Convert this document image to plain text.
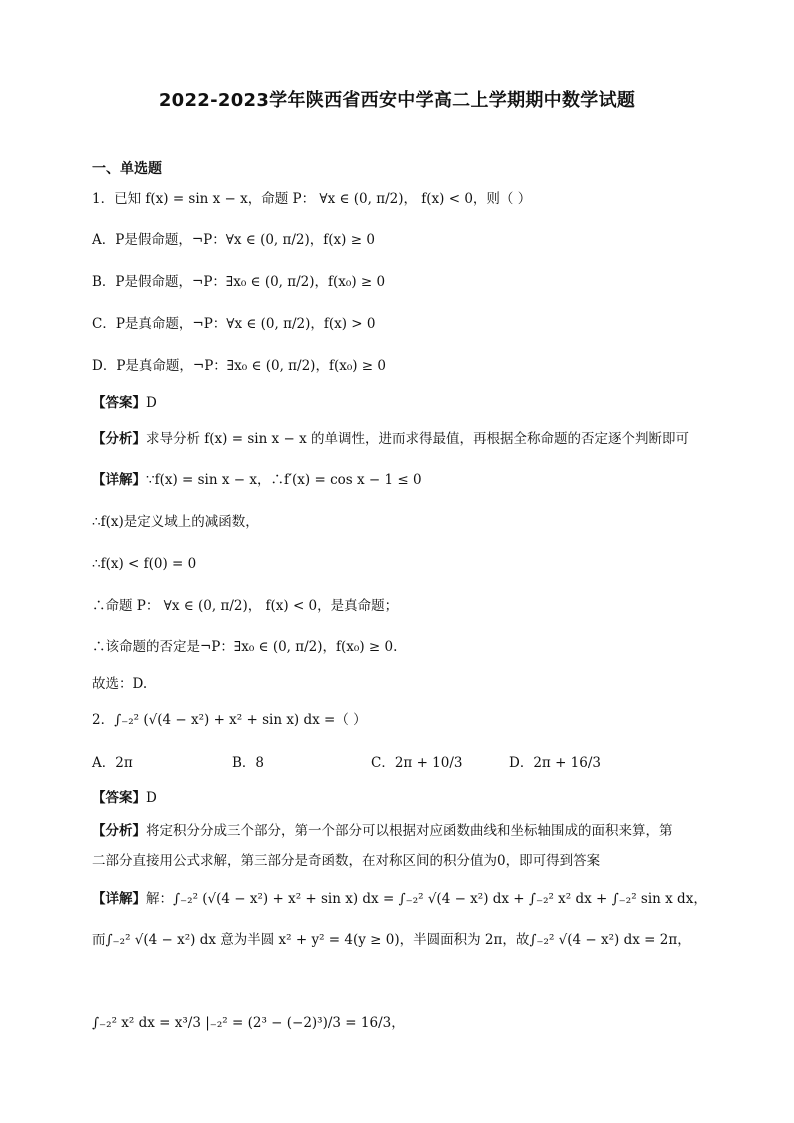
2022-2023学年陕西省西安中学高二上学期期中数学试题
一、单选题
1．已知 f(x) = sin x − x，命题 P： ∀x ∈ (0, π/2)， f(x) < 0，则（ ）
A．P是假命题，¬P：∀x ∈ (0, π/2)，f(x) ≥ 0
B．P是假命题，¬P：∃x₀ ∈ (0, π/2)，f(x₀) ≥ 0
C．P是真命题，¬P：∀x ∈ (0, π/2)，f(x) > 0
D．P是真命题，¬P：∃x₀ ∈ (0, π/2)，f(x₀) ≥ 0
【答案】D
【分析】求导分析 f(x) = sin x − x 的单调性，进而求得最值，再根据全称命题的否定逐个判断即可
【详解】∵f(x) = sin x − x，∴f′(x) = cos x − 1 ≤ 0
∴f(x)是定义域上的减函数，
∴f(x) < f(0) = 0
∴命题 P： ∀x ∈ (0, π/2)， f(x) < 0，是真命题；
∴该命题的否定是¬P：∃x₀ ∈ (0, π/2)，f(x₀) ≥ 0.
故选：D.
2．∫₋₂² (√(4 − x²) + x² + sin x) dx =（ ）
A．2π	B．8	C．2π + 10/3	D．2π + 16/3
【答案】D
【分析】将定积分分成三个部分，第一个部分可以根据对应函数曲线和坐标轴围成的面积来算，第
二部分直接用公式求解，第三部分是奇函数，在对称区间的积分值为0，即可得到答案
【详解】解：∫₋₂² (√(4 − x²) + x² + sin x) dx = ∫₋₂² √(4 − x²) dx + ∫₋₂² x² dx + ∫₋₂² sin x dx，
而∫₋₂² √(4 − x²) dx 意为半圆 x² + y² = 4(y ≥ 0)，半圆面积为 2π，故∫₋₂² √(4 − x²) dx = 2π，
∫₋₂² x² dx = x³/3 |₋₂² = (2³ − (−2)³)/3 = 16/3，
